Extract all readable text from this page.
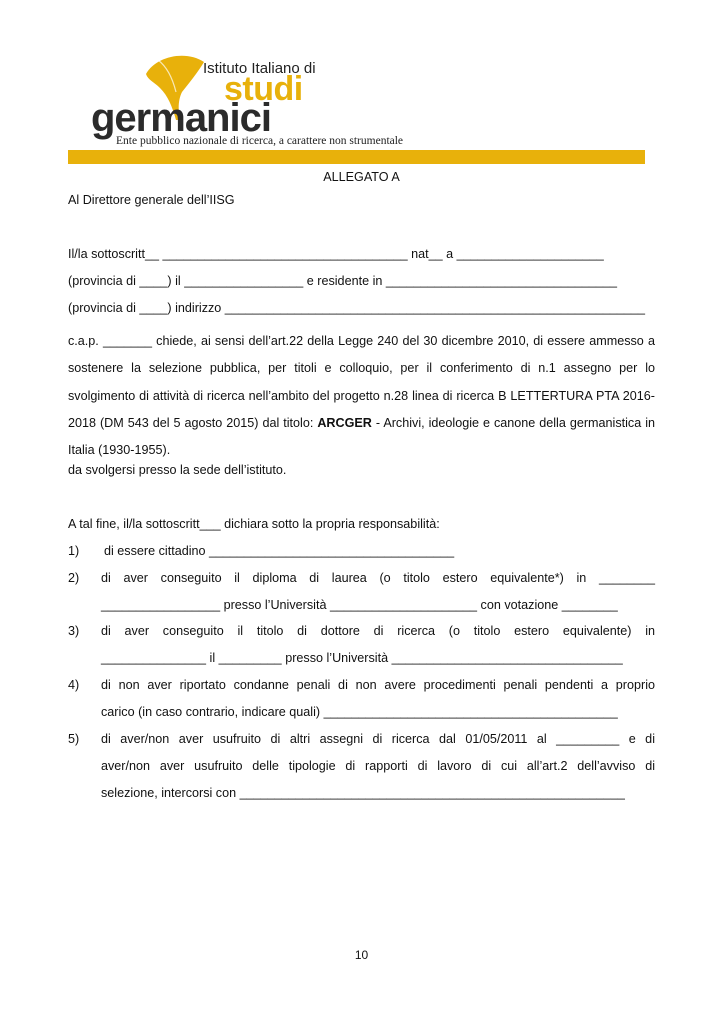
Istituto Italiano di
studi
germanici
Ente pubblico nazionale di ricerca, a carattere non strumentale
ALLEGATO A
Al Direttore generale dell’IISG
Il/la sottoscritt__ ___________________________________ nat__ a _____________________
(provincia di ____) il _________________ e residente in _________________________________
(provincia di ____) indirizzo ____________________________________________________________
c.a.p. _______ chiede, ai sensi dell’art.22 della Legge 240 del 30 dicembre 2010, di essere ammesso a sostenere la selezione pubblica, per titoli e colloquio, per il conferimento di n.1 assegno per lo svolgimento di attività di ricerca nell’ambito del progetto n.28 linea di ricerca B LETTERTURA PTA 2016-2018 (DM 543 del 5 agosto 2015) dal titolo: ARCGER - Archivi, ideologie e canone della germanistica in Italia (1930-1955).
da svolgersi presso la sede dell’istituto.
A tal fine, il/la sottoscritt___ dichiara sotto la propria responsabilità:
1) di essere cittadino ___________________________________
2) di aver conseguito il diploma di laurea (o titolo estero equivalente*) in ________
_________________ presso l’Università _____________________ con votazione ________
3) di aver conseguito il titolo di dottore di ricerca (o titolo estero equivalente) in
_______________ il _________ presso l’Università _________________________________
4) di non aver riportato condanne penali di non avere procedimenti penali pendenti a proprio
carico (in caso contrario, indicare quali) __________________________________________
5) di aver/non aver usufruito di altri assegni di ricerca dal 01/05/2011 al _________ e di
aver/non aver usufruito delle tipologie di rapporti di lavoro di cui all’art.2 dell’avviso di
selezione, intercorsi con _______________________________________________________
10
